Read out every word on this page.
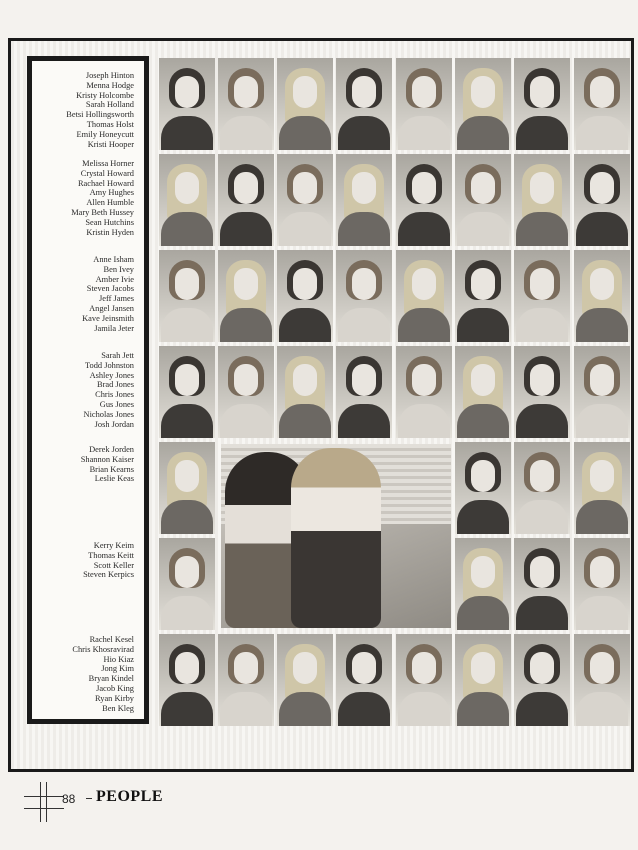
Joseph Hinton
Menna Hodge
Kristy Holcombe
Sarah Holland
Betsi Hollingsworth
Thomas Holst
Emily Honeycutt
Kristi Hooper
Melissa Horner
Crystal Howard
Rachael Howard
Amy Hughes
Allen Humble
Mary Beth Hussey
Sean Hutchins
Kristin Hyden
Anne Isham
Ben Ivey
Amber Ivie
Steven Jacobs
Jeff James
Angel Jansen
Kave Jeinsmith
Jamila Jeter
Sarah Jett
Todd Johnston
Ashley Jones
Brad Jones
Chris Jones
Gus Jones
Nicholas Jones
Josh Jordan
Derek Jorden
Shannon Kaiser
Brian Kearns
Leslie Keas
Kerry Keim
Thomas Keitt
Scott Keller
Steven Kerpics
Rachel Kesel
Chris Khosravirad
Hio Kiaz
Jong Kim
Bryan Kindel
Jacob King
Ryan Kirby
Ben Kleg
88 PEOPLE
